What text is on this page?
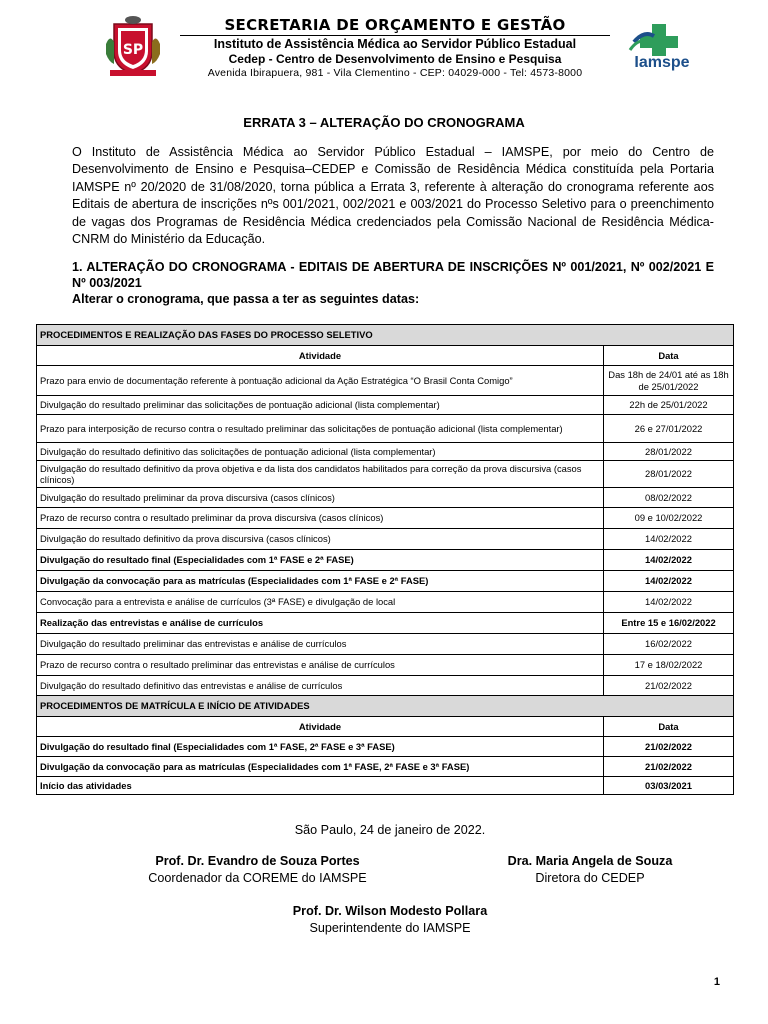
SP
SECRETARIA DE ORÇAMENTO E GESTÃO
Instituto de Assistência Médica ao Servidor Público Estadual
Cedep - Centro de Desenvolvimento de Ensino e Pesquisa
Avenida Ibirapuera, 981 - Vila Clementino - CEP: 04029-000 - Tel: 4573-8000
Iamspe
ERRATA 3 – ALTERAÇÃO DO CRONOGRAMA
O Instituto de Assistência Médica ao Servidor Público Estadual – IAMSPE, por meio do Centro de Desenvolvimento de Ensino e Pesquisa–CEDEP e Comissão de Residência Médica constituída pela Portaria IAMSPE nº 20/2020 de 31/08/2020, torna pública a Errata 3, referente à alteração do cronograma referente aos Editais de abertura de inscrições nºs 001/2021, 002/2021 e 003/2021 do Processo Seletivo para o preenchimento de vagas dos Programas de Residência Médica credenciados pela Comissão Nacional de Residência Médica-CNRM do Ministério da Educação.
1. ALTERAÇÃO DO CRONOGRAMA - EDITAIS DE ABERTURA DE INSCRIÇÕES Nº 001/2021, Nº 002/2021 E Nº 003/2021
Alterar o cronograma, que passa a ter as seguintes datas:
PROCEDIMENTOS E REALIZAÇÃO DAS FASES DO PROCESSO SELETIVO	
Atividade	Data
Prazo para envio de documentação referente à pontuação adicional da Ação Estratégica “O Brasil Conta Comigo”	Das 18h de 24/01 até as 18h de 25/01/2022
Divulgação do resultado preliminar das solicitações de pontuação adicional (lista complementar)	22h de 25/01/2022
Prazo para interposição de recurso contra o resultado preliminar das solicitações de pontuação adicional (lista complementar)	26 e 27/01/2022
Divulgação do resultado definitivo das solicitações de pontuação adicional (lista complementar)	28/01/2022
Divulgação do resultado definitivo da prova objetiva e da lista dos candidatos habilitados para correção da prova discursiva (casos clínicos)	28/01/2022
Divulgação do resultado preliminar da prova discursiva (casos clínicos)	08/02/2022
Prazo de recurso contra o resultado preliminar da prova discursiva (casos clínicos)	09 e 10/02/2022
Divulgação do resultado definitivo da prova discursiva (casos clínicos)	14/02/2022
Divulgação do resultado final (Especialidades com 1ª FASE e 2ª FASE)	14/02/2022
Divulgação da convocação para as matrículas (Especialidades com 1ª FASE e 2ª FASE)	14/02/2022
Convocação para a entrevista e análise de currículos (3ª FASE) e divulgação de local	14/02/2022
Realização das entrevistas e análise de currículos	Entre 15 e 16/02/2022
Divulgação do resultado preliminar das entrevistas e análise de currículos	16/02/2022
Prazo de recurso contra o resultado preliminar das entrevistas e análise de currículos	17 e 18/02/2022
Divulgação do resultado definitivo das entrevistas e análise de currículos	21/02/2022
PROCEDIMENTOS DE MATRÍCULA E INÍCIO DE ATIVIDADES	
Atividade	Data
Divulgação do resultado final (Especialidades com 1ª FASE, 2ª FASE e 3ª FASE)	21/02/2022
Divulgação da convocação para as matrículas (Especialidades com 1ª FASE, 2ª FASE e 3ª FASE)	21/02/2022
Início das atividades	03/03/2021
São Paulo, 24 de janeiro de 2022.
Prof. Dr. Evandro de Souza Portes
Coordenador da COREME do IAMSPE
Dra. Maria Angela de Souza
Diretora do CEDEP
Prof. Dr. Wilson Modesto Pollara
Superintendente do IAMSPE
1
